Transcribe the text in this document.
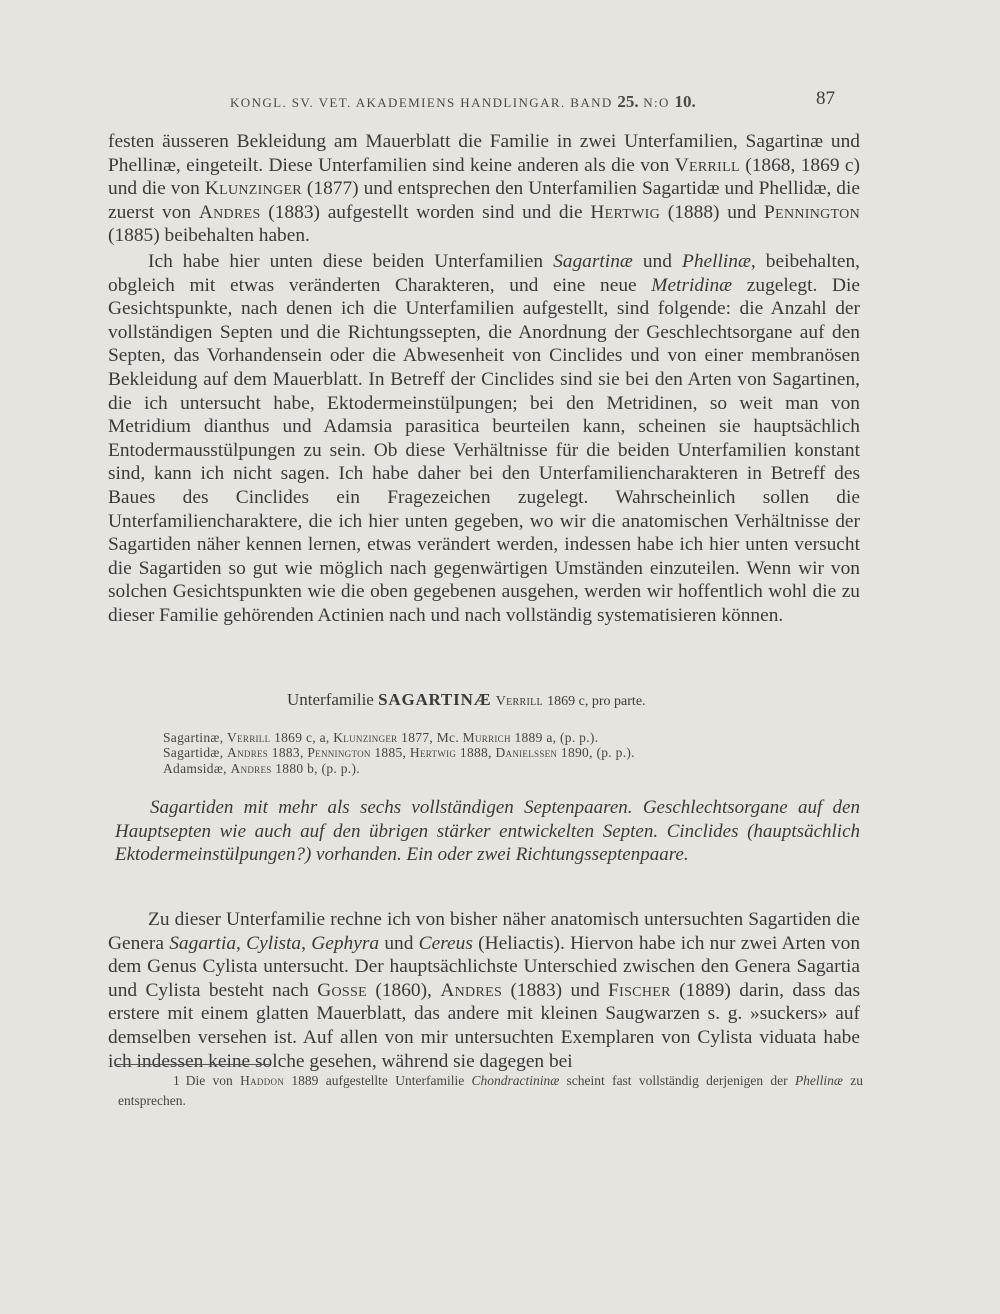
KONGL. SV. VET. AKADEMIENS HANDLINGAR. BAND 25. N:O 10.	87
festen äusseren Bekleidung am Mauerblatt die Familie in zwei Unterfamilien, Sagartinæ und Phellinæ, eingeteilt. Diese Unterfamilien sind keine anderen als die von Verrill (1868, 1869 c) und die von Klunzinger (1877) und entsprechen den Unterfamilien Sagartidæ und Phellidæ, die zuerst von Andres (1883) aufgestellt worden sind und die Hertwig (1888) und Pennington (1885) beibehalten haben.
Ich habe hier unten diese beiden Unterfamilien Sagartinæ und Phellinæ, beibehalten, obgleich mit etwas veränderten Charakteren, und eine neue Metridinæ zugelegt. Die Gesichtspunkte, nach denen ich die Unterfamilien aufgestellt, sind folgende: die Anzahl der vollständigen Septen und die Richtungssepten, die Anordnung der Geschlechtsorgane auf den Septen, das Vorhandensein oder die Abwesenheit von Cinclides und von einer membranösen Bekleidung auf dem Mauerblatt. In Betreff der Cinclides sind sie bei den Arten von Sagartinen, die ich untersucht habe, Ektodermeinstülpungen; bei den Metridinen, so weit man von Metridium dianthus und Adamsia parasitica beurteilen kann, scheinen sie hauptsächlich Entodermausstülpungen zu sein. Ob diese Verhältnisse für die beiden Unterfamilien konstant sind, kann ich nicht sagen. Ich habe daher bei den Unterfamiliencharakteren in Betreff des Baues des Cinclides ein Fragezeichen zugelegt. Wahrscheinlich sollen die Unterfamiliencharaktere, die ich hier unten gegeben, wo wir die anatomischen Verhältnisse der Sagartiden näher kennen lernen, etwas verändert werden, indessen habe ich hier unten versucht die Sagartiden so gut wie möglich nach gegenwärtigen Umständen einzuteilen. Wenn wir von solchen Gesichtspunkten wie die oben gegebenen ausgehen, werden wir hoffentlich wohl die zu dieser Familie gehörenden Actinien nach und nach vollständig systematisieren können.
Unterfamilie SAGARTINÆ Verrill 1869 c, pro parte.
Sagartinæ, Verrill 1869 c, a, Klunzinger 1877, Mc. Murrich 1889 a, (p. p.).
Sagartidæ, Andres 1883, Pennington 1885, Hertwig 1888, Danielssen 1890, (p. p.).
Adamsidæ, Andres 1880 b, (p. p.).
Sagartiden mit mehr als sechs vollständigen Septenpaaren. Geschlechtsorgane auf den Hauptsepten wie auch auf den übrigen stärker entwickelten Septen. Cinclides (hauptsächlich Ektodermeinstülpungen?) vorhanden. Ein oder zwei Richtungsseptenpaare.
Zu dieser Unterfamilie rechne ich von bisher näher anatomisch untersuchten Sagartiden die Genera Sagartia, Cylista, Gephyra und Cereus (Heliactis). Hiervon habe ich nur zwei Arten von dem Genus Cylista untersucht. Der hauptsächlichste Unterschied zwischen den Genera Sagartia und Cylista besteht nach Gosse (1860), Andres (1883) und Fischer (1889) darin, dass das erstere mit einem glatten Mauerblatt, das andere mit kleinen Saugwarzen s. g. »suckers» auf demselben versehen ist. Auf allen von mir untersuchten Exemplaren von Cylista viduata habe ich indessen keine solche gesehen, während sie dagegen bei
1 Die von Haddon 1889 aufgestellte Unterfamilie Chondractininæ scheint fast vollständig derjenigen der Phellinæ zu entsprechen.
